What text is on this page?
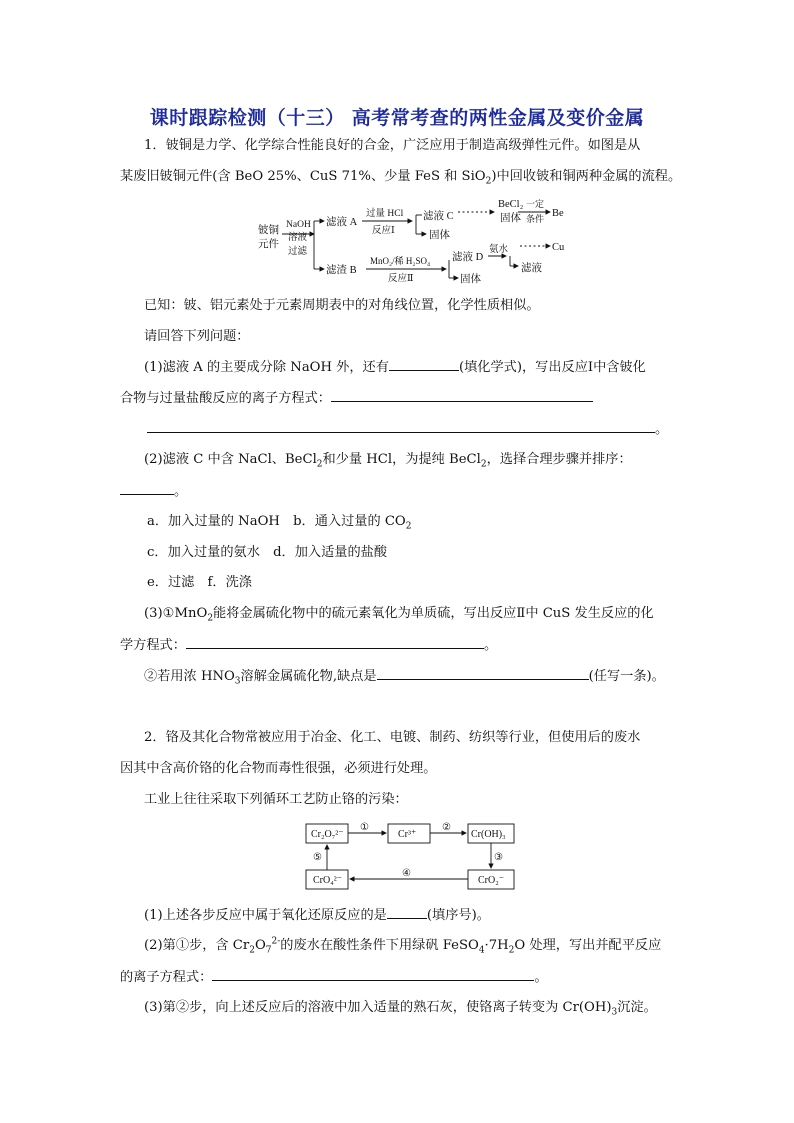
课时跟踪检测（十三） 高考常考查的两性金属及变价金属
1．铍铜是力学、化学综合性能良好的合金，广泛应用于制造高级弹性元件。如图是从
某废旧铍铜元件(含 BeO 25%、CuS 71%、少量 FeS 和 SiO$_2$)中回收铍和铜两种金属的流程。
铍铜
元件
NaOH
溶液
过滤
滤液 A
过量 HCl
反应Ⅰ	固体
滤液 C
BeCl₂
固体
一定
条件 Be
滤渣 B
MnO₂/稀 H₂SO₄
反应Ⅱ
滤液 D
固体
氨水	Cu
滤液
已知：铍、铝元素处于元素周期表中的对角线位置，化学性质相似。
请回答下列问题：
(1)滤液 A 的主要成分除 NaOH 外，还有	(填化学式)，写出反应Ⅰ中含铍化
合物与过量盐酸反应的离子方程式：
。
(2)滤液 C 中含 NaCl、BeCl$_2$和少量 HCl，为提纯 BeCl$_2$，选择合理步骤并排序：
。
a．加入过量的 NaOH　b．通入过量的 $CO_2$
c．加入过量的氨水　d．加入适量的盐酸
e．过滤　f．洗涤
(3)①MnO$_2$能将金属硫化物中的硫元素氧化为单质硫，写出反应Ⅱ中 CuS 发生反应的化
学方程式：	。
②若用浓 $HNO_3$溶解金属硫化物,缺点是	(任写一条)。
2．铬及其化合物常被应用于冶金、化工、电镀、制药、纺织等行业，但使用后的废水
因其中含高价铬的化合物而毒性很强，必须进行处理。
工业上往往采取下列循环工艺防止铬的污染：
Cr₂O₇²⁻	Cr³⁺	Cr(OH)₃
CrO₂⁻
CrO₄²⁻
①	②
③
④
⑤
(1)上述各步反应中属于氧化还原反应的是	(填序号)。
(2)第①步，含 $Cr_2O_7^{2-}$的废水在酸性条件下用绿矾 $FeSO_4\cdot 7H_2O$ 处理，写出并配平反应
的离子方程式：	。
(3)第②步，向上述反应后的溶液中加入适量的熟石灰，使铬离子转变为 $Cr(OH)_3$沉淀。
